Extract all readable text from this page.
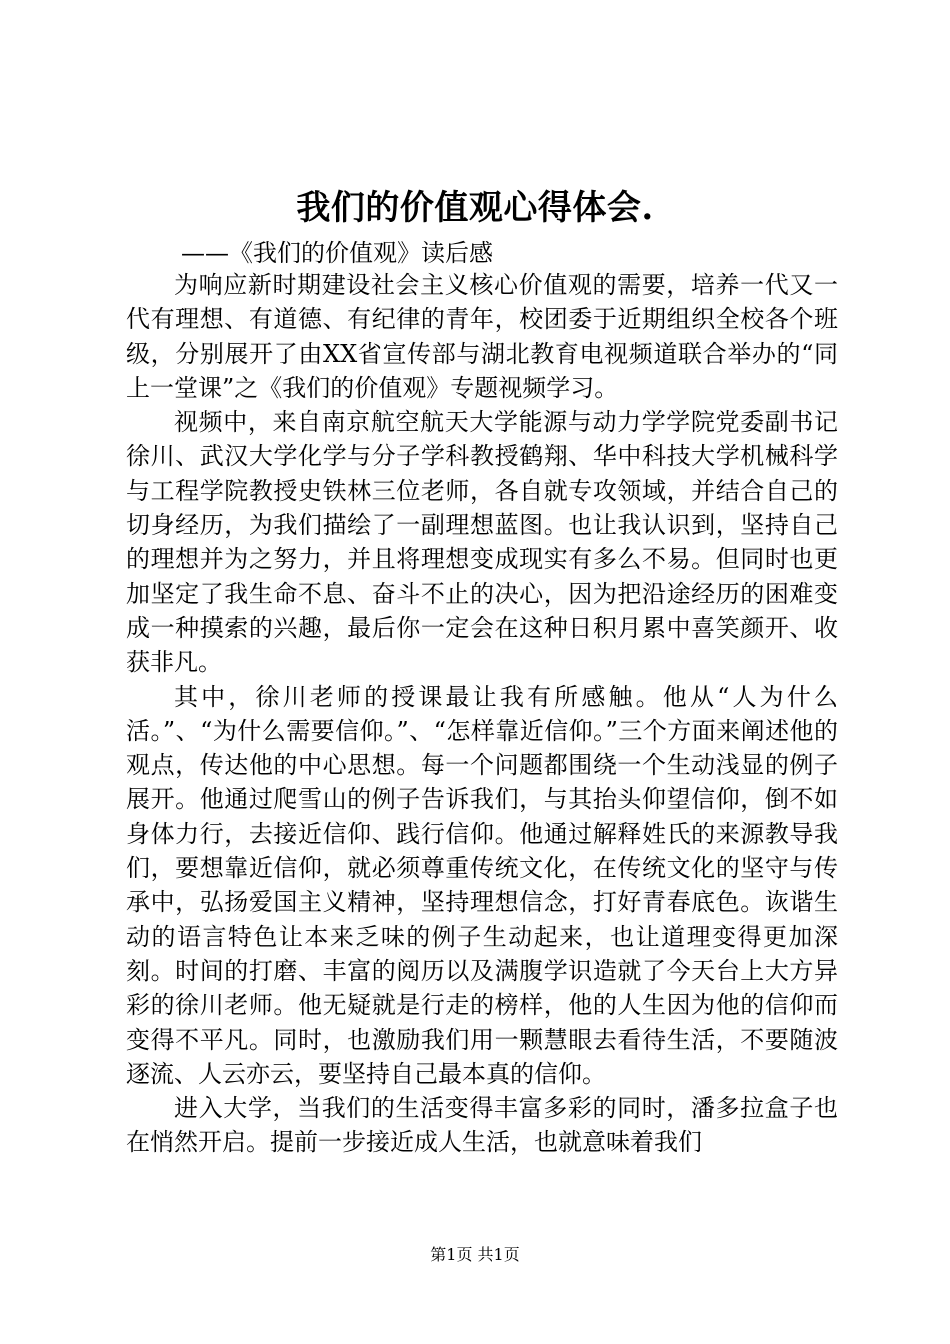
我们的价值观心得体会.
——《我们的价值观》读后感

为响应新时期建设社会主义核心价值观的需要，培养一代又一代有理想、有道德、有纪律的青年，校团委于近期组织全校各个班级，分别展开了由XX省宣传部与湖北教育电视频道联合举办的“同上一堂课”之《我们的价值观》专题视频学习。

视频中，来自南京航空航天大学能源与动力学学院党委副书记徐川、武汉大学化学与分子学科教授鹤翔、华中科技大学机械科学与工程学院教授史铁林三位老师，各自就专攻领域，并结合自己的切身经历，为我们描绘了一副理想蓝图。也让我认识到，坚持自己的理想并为之努力，并且将理想变成现实有多么不易。但同时也更加坚定了我生命不息、奋斗不止的决心，因为把沿途经历的困难变成一种摸索的兴趣，最后你一定会在这种日积月累中喜笑颜开、收获非凡。

其中，徐川老师的授课最让我有所感触。他从“人为什么活。”、“为什么需要信仰。”、“怎样靠近信仰。”三个方面来阐述他的观点，传达他的中心思想。每一个问题都围绕一个生动浅显的例子展开。他通过爬雪山的例子告诉我们，与其抬头仰望信仰，倒不如身体力行，去接近信仰、践行信仰。他通过解释姓氏的来源教导我们，要想靠近信仰，就必须尊重传统文化，在传统文化的坚守与传承中，弘扬爱国主义精神，坚持理想信念，打好青春底色。诙谐生动的语言特色让本来乏味的例子生动起来，也让道理变得更加深刻。时间的打磨、丰富的阅历以及满腹学识造就了今天台上大方异彩的徐川老师。他无疑就是行走的榜样，他的人生因为他的信仰而变得不平凡。同时，也激励我们用一颗慧眼去看待生活，不要随波逐流、人云亦云，要坚持自己最本真的信仰。

进入大学，当我们的生活变得丰富多彩的同时，潘多拉盒子也在悄然开启。提前一步接近成人生活，也就意味着我们

第1页 共1页
